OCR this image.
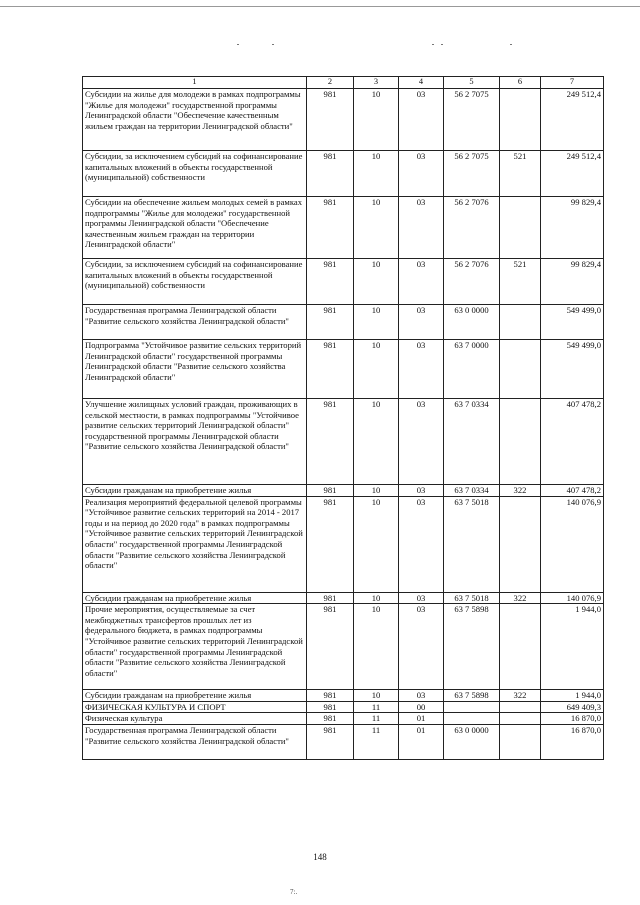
1	2	3	4	5	6	7
Субсидии на жилье для молодежи в рамках подпрограммы "Жилье для молодежи" государственной программы Ленинградской области "Обеспечение качественным жильем граждан на территории Ленинградской области"	981	10	03	56 2 7075		249 512,4
Субсидии, за исключением субсидий на софинансирование капитальных вложений в объекты государственной (муниципальной) собственности	981	10	03	56 2 7075	521	249 512,4
Субсидии на обеспечение жильем молодых семей в рамках подпрограммы "Жилье для молодежи" государственной программы Ленинградской области "Обеспечение качественным жильем граждан на территории Ленинградской области"	981	10	03	56 2 7076		99 829,4
Субсидии, за исключением субсидий на софинансирование капитальных вложений в объекты государственной (муниципальной) собственности	981	10	03	56 2 7076	521	99 829,4
Государственная программа Ленинградской области "Развитие сельского хозяйства Ленинградской области"	981	10	03	63 0 0000		549 499,0
Подпрограмма "Устойчивое развитие сельских территорий Ленинградской области" государственной программы Ленинградской области "Развитие сельского хозяйства Ленинградской области"	981	10	03	63 7 0000		549 499,0
Улучшение жилищных условий граждан, проживающих в сельской местности, в рамках подпрограммы "Устойчивое развитие сельских территорий Ленинградской области" государственной программы Ленинградской области "Развитие сельского хозяйства Ленинградской области"	981	10	03	63 7 0334		407 478,2
Субсидии гражданам на приобретение жилья	981	10	03	63 7 0334	322	407 478,2
Реализация мероприятий федеральной целевой программы "Устойчивое развитие сельских территорий на 2014 - 2017 годы и на период до 2020 года" в рамках подпрограммы "Устойчивое развитие сельских территорий Ленинградской области" государственной программы Ленинградской области "Развитие сельского хозяйства Ленинградской области"	981	10	03	63 7 5018		140 076,9
Субсидии гражданам на приобретение жилья	981	10	03	63 7 5018	322	140 076,9
Прочие мероприятия, осуществляемые за счет межбюджетных трансфертов прошлых лет из федерального бюджета, в рамках подпрограммы "Устойчивое развитие сельских территорий Ленинградской области" государственной программы Ленинградской области "Развитие сельского хозяйства Ленинградской области"	981	10	03	63 7 5898		1 944,0
Субсидии гражданам на приобретение жилья	981	10	03	63 7 5898	322	1 944,0
ФИЗИЧЕСКАЯ КУЛЬТУРА И СПОРТ	981	11	00			649 409,3
Физическая культура	981	11	01			16 870,0
Государственная программа Ленинградской области "Развитие сельского хозяйства Ленинградской области"	981	11	01	63 0 0000		16 870,0
148
7:.
